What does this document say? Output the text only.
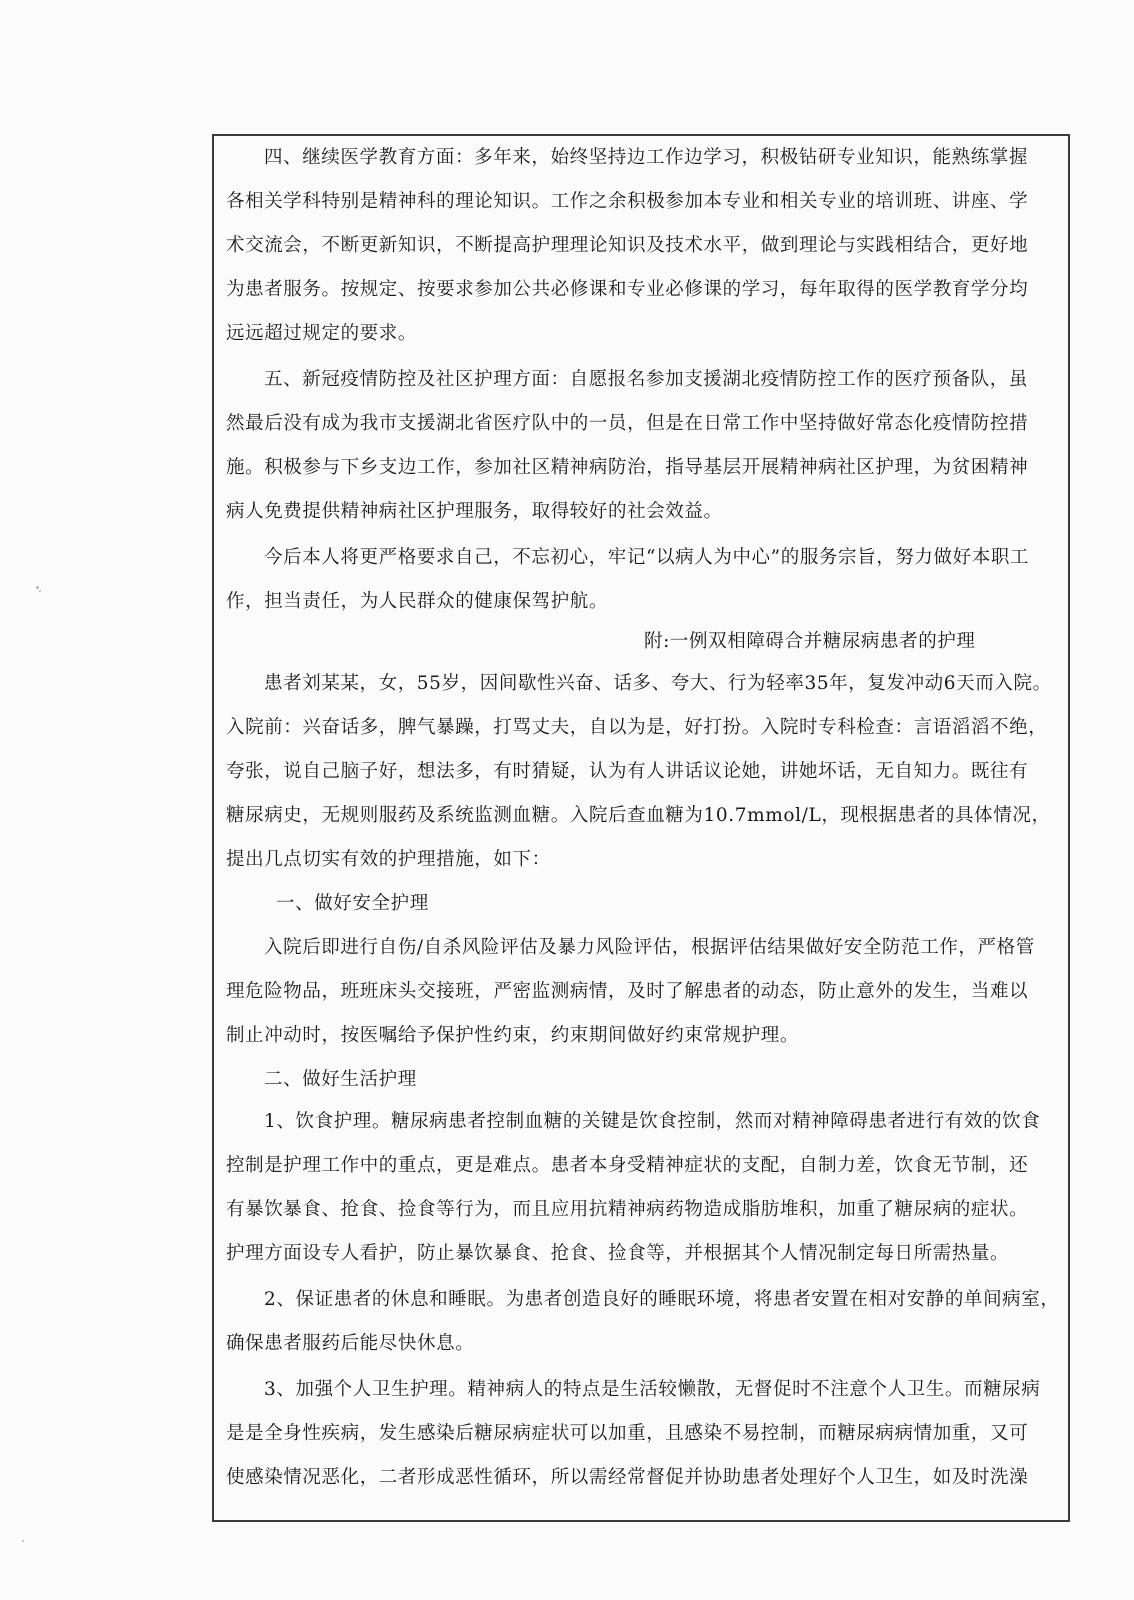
四、继续医学教育方面：多年来，始终坚持边工作边学习，积极钻研专业知识，能熟练掌握
各相关学科特别是精神科的理论知识。工作之余积极参加本专业和相关专业的培训班、讲座、学
术交流会，不断更新知识，不断提高护理理论知识及技术水平，做到理论与实践相结合，更好地
为患者服务。按规定、按要求参加公共必修课和专业必修课的学习，每年取得的医学教育学分均
远远超过规定的要求。
五、新冠疫情防控及社区护理方面：自愿报名参加支援湖北疫情防控工作的医疗预备队，虽
然最后没有成为我市支援湖北省医疗队中的一员，但是在日常工作中坚持做好常态化疫情防控措
施。积极参与下乡支边工作，参加社区精神病防治，指导基层开展精神病社区护理，为贫困精神
病人免费提供精神病社区护理服务，取得较好的社会效益。
今后本人将更严格要求自己，不忘初心，牢记“以病人为中心”的服务宗旨，努力做好本职工
作，担当责任，为人民群众的健康保驾护航。
附:一例双相障碍合并糖尿病患者的护理
患者刘某某，女，55岁，因间歇性兴奋、话多、夸大、行为轻率35年，复发冲动6天而入院。
入院前：兴奋话多，脾气暴躁，打骂丈夫，自以为是，好打扮。入院时专科检查：言语滔滔不绝，
夸张，说自己脑子好，想法多，有时猜疑，认为有人讲话议论她，讲她坏话，无自知力。既往有
糖尿病史，无规则服药及系统监测血糖。入院后查血糖为10.7mmol/L，现根据患者的具体情况，
提出几点切实有效的护理措施，如下：
一、做好安全护理
入院后即进行自伤/自杀风险评估及暴力风险评估，根据评估结果做好安全防范工作，严格管
理危险物品，班班床头交接班，严密监测病情，及时了解患者的动态，防止意外的发生，当难以
制止冲动时，按医嘱给予保护性约束，约束期间做好约束常规护理。
二、做好生活护理
1、饮食护理。糖尿病患者控制血糖的关键是饮食控制，然而对精神障碍患者进行有效的饮食
控制是护理工作中的重点，更是难点。患者本身受精神症状的支配，自制力差，饮食无节制，还
有暴饮暴食、抢食、捡食等行为，而且应用抗精神病药物造成脂肪堆积，加重了糖尿病的症状。
护理方面设专人看护，防止暴饮暴食、抢食、捡食等，并根据其个人情况制定每日所需热量。
2、保证患者的休息和睡眠。为患者创造良好的睡眠环境，将患者安置在相对安静的单间病室，
确保患者服药后能尽快休息。
3、加强个人卫生护理。精神病人的特点是生活较懒散，无督促时不注意个人卫生。而糖尿病
是是全身性疾病，发生感染后糖尿病症状可以加重，且感染不易控制，而糖尿病病情加重，又可
使感染情况恶化，二者形成恶性循环，所以需经常督促并协助患者处理好个人卫生，如及时洗澡
